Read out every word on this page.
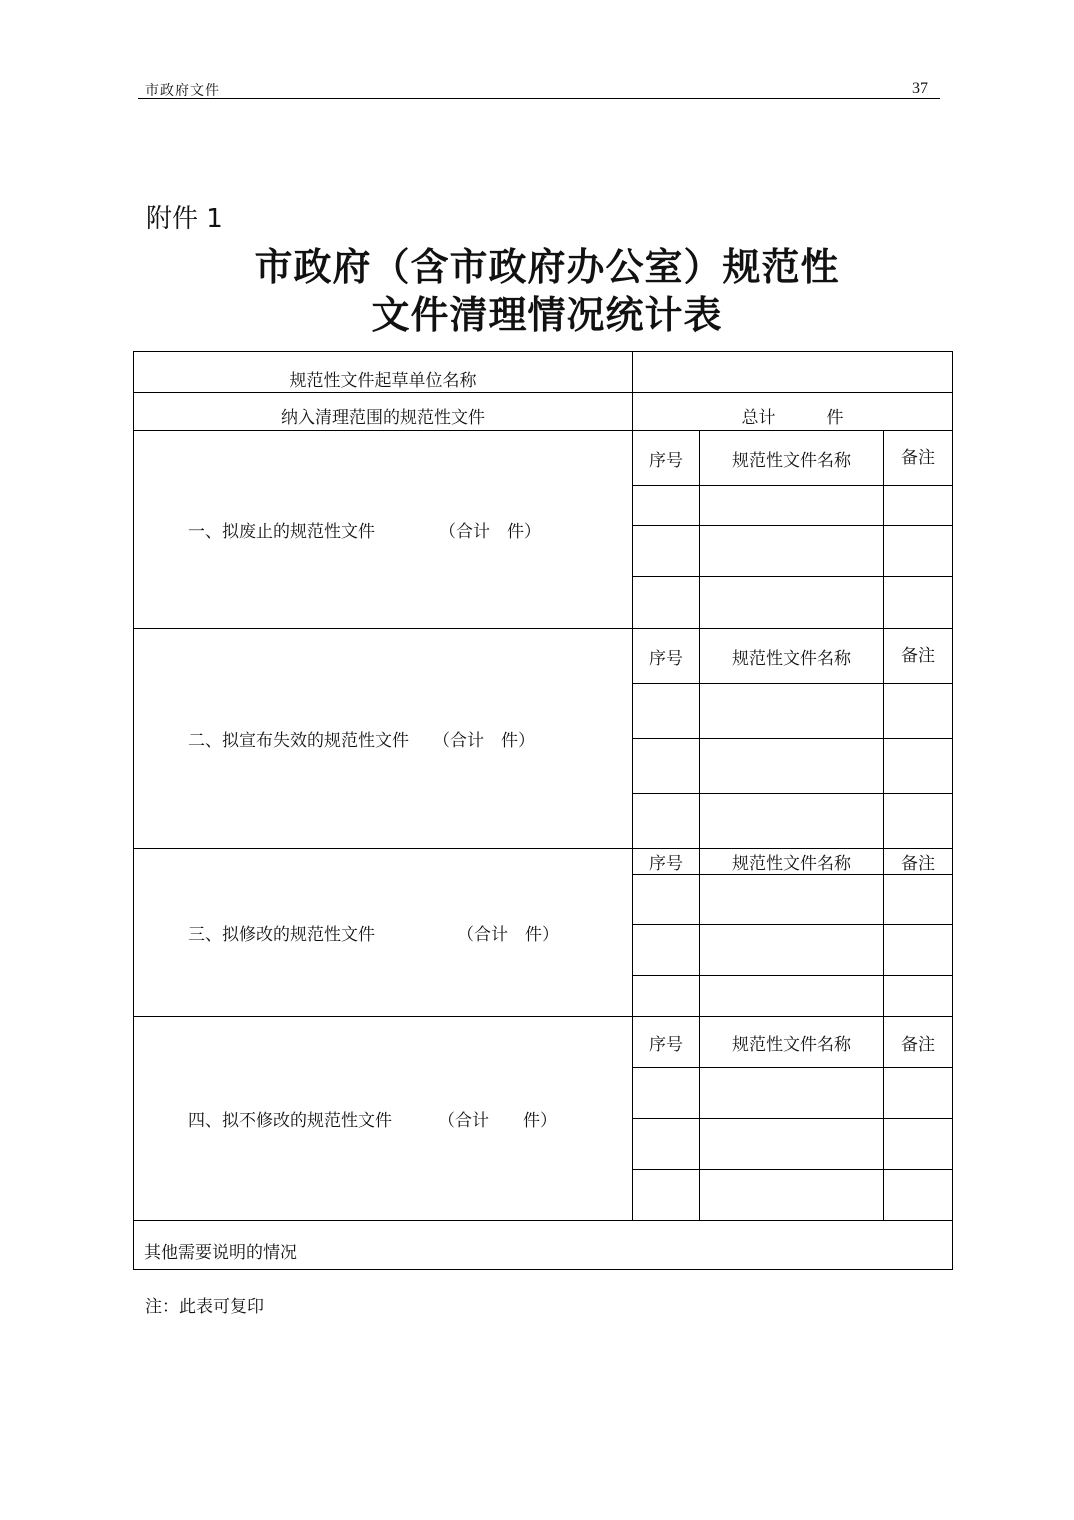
市政府文件	37
附件 1
市政府（含市政府办公室）规范性
文件清理情况统计表
规范性文件起草单位名称			
纳入清理范围的规范性文件	总计　　　件		
一、拟废止的规范性文件 （合计　件）	序号	规范性文件名称	备注

二、拟宣布失效的规范性文件 （合计　件）	序号	规范性文件名称	备注

三、拟修改的规范性文件 （合计　件）	序号	规范性文件名称	备注

四、拟不修改的规范性文件 （合计　　件）	序号	规范性文件名称	备注

其他需要说明的情况			
注：此表可复印
